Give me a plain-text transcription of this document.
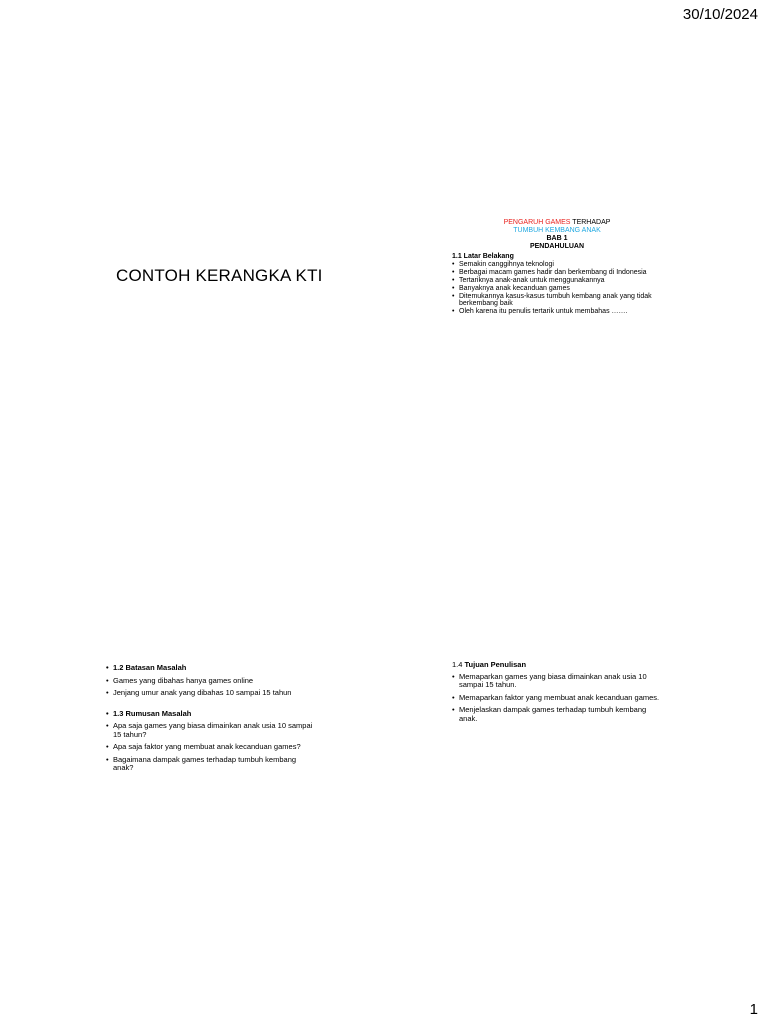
30/10/2024
CONTOH KERANGKA KTI
PENGARUH GAMES TERHADAP
TUMBUH KEMBANG ANAK
BAB 1
PENDAHULUAN
1.1 Latar Belakang
• Semakin canggihnya teknologi
• Berbagai macam games hadir dan berkembang di Indonesia
• Tertariknya anak-anak untuk menggunakannya
• Banyaknya anak kecanduan games
• Ditemukannya kasus-kasus tumbuh kembang anak yang tidak berkembang baik
• Oleh karena itu penulis tertarik untuk membahas …….
• 1.2 Batasan Masalah
• Games yang dibahas hanya games online
• Jenjang umur anak yang dibahas 10 sampai 15 tahun
• 1.3 Rumusan Masalah
• Apa saja games yang biasa dimainkan anak usia 10 sampai 15 tahun?
• Apa saja faktor yang membuat anak kecanduan games?
• Bagaimana dampak games terhadap tumbuh kembang anak?
1.4 Tujuan Penulisan
• Memaparkan games yang biasa dimainkan anak usia 10 sampai 15 tahun.
• Memaparkan faktor yang membuat anak kecanduan games.
• Menjelaskan dampak games terhadap tumbuh kembang anak.
1
